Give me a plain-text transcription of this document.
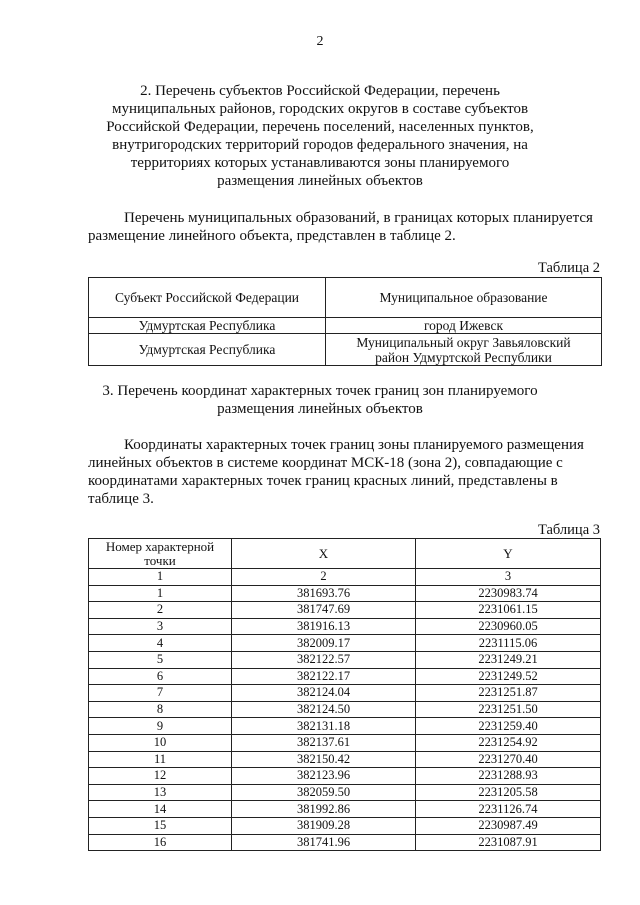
2
2. Перечень субъектов Российской Федерации, перечень
муниципальных районов, городских округов в составе субъектов
Российской Федерации, перечень поселений, населенных пунктов,
внутригородских территорий городов федерального значения, на
территориях которых устанавливаются зоны планируемого
размещения линейных объектов
Перечень муниципальных образований, в границах которых планируется
размещение линейного объекта, представлен в таблице 2.
Таблица 2
Субъект Российской Федерации	Муниципальное образование
Удмуртская Республика	город Ижевск
Удмуртская Республика	Муниципальный округ Завьяловский район Удмуртской Республики
3. Перечень координат характерных точек границ зон планируемого
размещения линейных объектов
Координаты характерных точек границ зоны планируемого размещения
линейных объектов в системе координат МСК-18 (зона 2), совпадающие с
координатами характерных точек границ красных линий, представлены в
таблице 3.
Таблица 3
Номер характерной точки	X	Y
1	2	3
1	381693.76	2230983.74
2	381747.69	2231061.15
3	381916.13	2230960.05
4	382009.17	2231115.06
5	382122.57	2231249.21
6	382122.17	2231249.52
7	382124.04	2231251.87
8	382124.50	2231251.50
9	382131.18	2231259.40
10	382137.61	2231254.92
11	382150.42	2231270.40
12	382123.96	2231288.93
13	382059.50	2231205.58
14	381992.86	2231126.74
15	381909.28	2230987.49
16	381741.96	2231087.91
